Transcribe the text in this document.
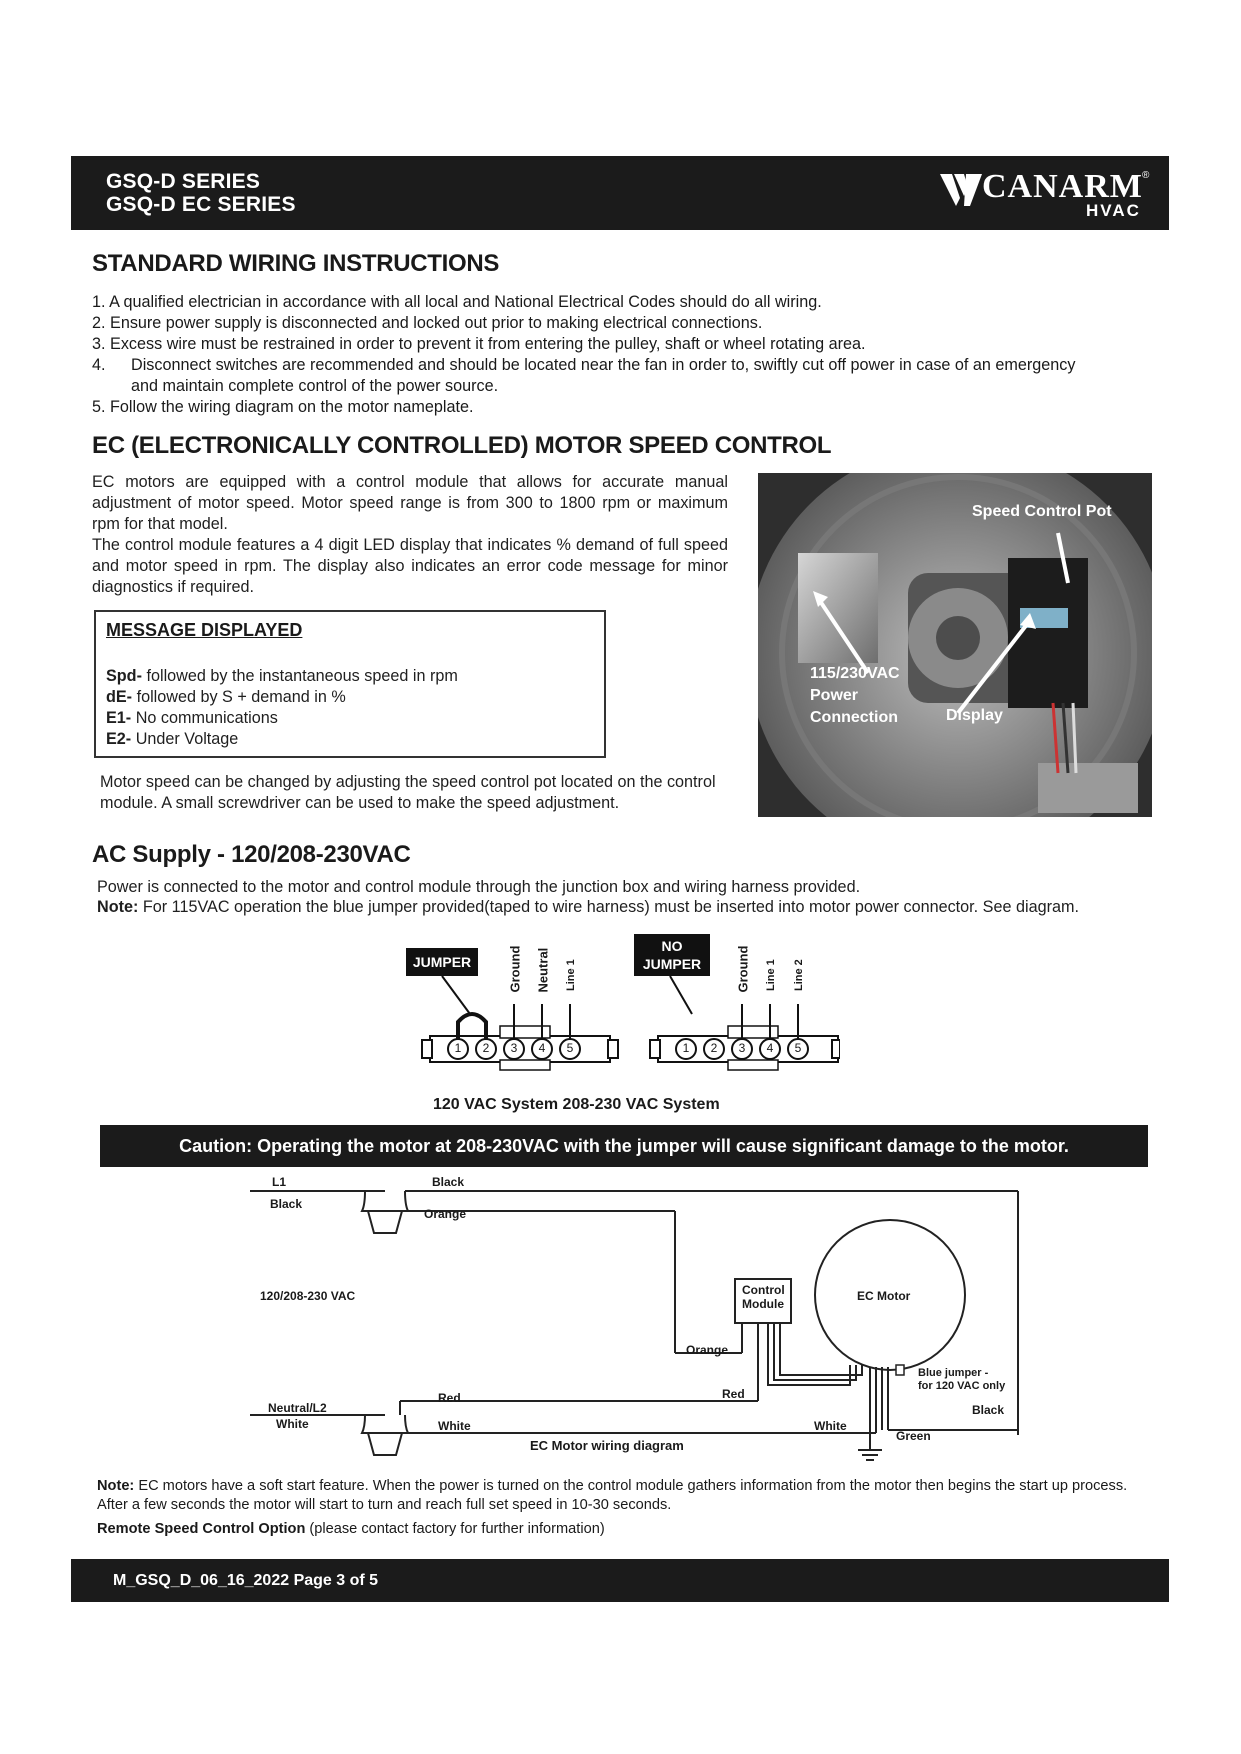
GSQ-D SERIES
GSQ-D EC SERIES	CANARM ®
HVAC
STANDARD WIRING INSTRUCTIONS
1. A qualified electrician in accordance with all local and National Electrical Codes should do all wiring.
2. Ensure power supply is disconnected and locked out prior to making electrical connections.
3. Excess wire must be restrained in order to prevent it from entering the pulley, shaft or wheel rotating area.
4. Disconnect switches are recommended and should be located near the fan in order to, swiftly cut off power in case of an emergency
and maintain complete control of the power source.
5. Follow the wiring diagram on the motor nameplate.
EC (ELECTRONICALLY CONTROLLED) MOTOR SPEED CONTROL
EC motors are equipped with a control module that allows for accurate manual adjustment of motor speed. Motor speed range is from 300 to 1800 rpm or maximum rpm for that model.
The control module features a 4 digit LED display that indicates % demand of full speed and motor speed in rpm. The display also indicates an error code message for minor diagnostics if required.
MESSAGE DISPLAYED
Spd- followed by the instantaneous speed in rpm
dE- followed by S + demand in %
E1- No communications
E2- Under Voltage
Motor speed can be changed by adjusting the speed control pot located on the control module. A small screwdriver can be used to make the speed adjustment.
Speed Control Pot
115/230VAC
Power
Connection	Display
AC Supply - 120/208-230VAC
Power is connected to the motor and control module through the junction box and wiring harness provided.
Note: For 115VAC operation the blue jumper provided(taped to wire harness) must be inserted into motor power connector. See diagram.
JUMPER
NO
JUMPER
Ground Neutral Line 1	Ground Line 1 Line 2
1 2 3 4 5	1 2 3 4 5
120 VAC System 208-230 VAC System
Caution: Operating the motor at 208-230VAC with the jumper will cause significant damage to the motor.
L1
Black
Black
Orange
120/208-230 VAC	Control
Module
EC Motor
Orange
Red
Blue jumper -
for 120 VAC only
Neutral/L2
White
Red
White	White
Black
Green
EC Motor wiring diagram
Note: EC motors have a soft start feature. When the power is turned on the control module gathers information from the motor then begins the start up process. After a few seconds the motor will start to turn and reach full set speed in 10-30 seconds.
Remote Speed Control Option (please contact factory for further information)
M_GSQ_D_06_16_2022 Page 3 of 5
